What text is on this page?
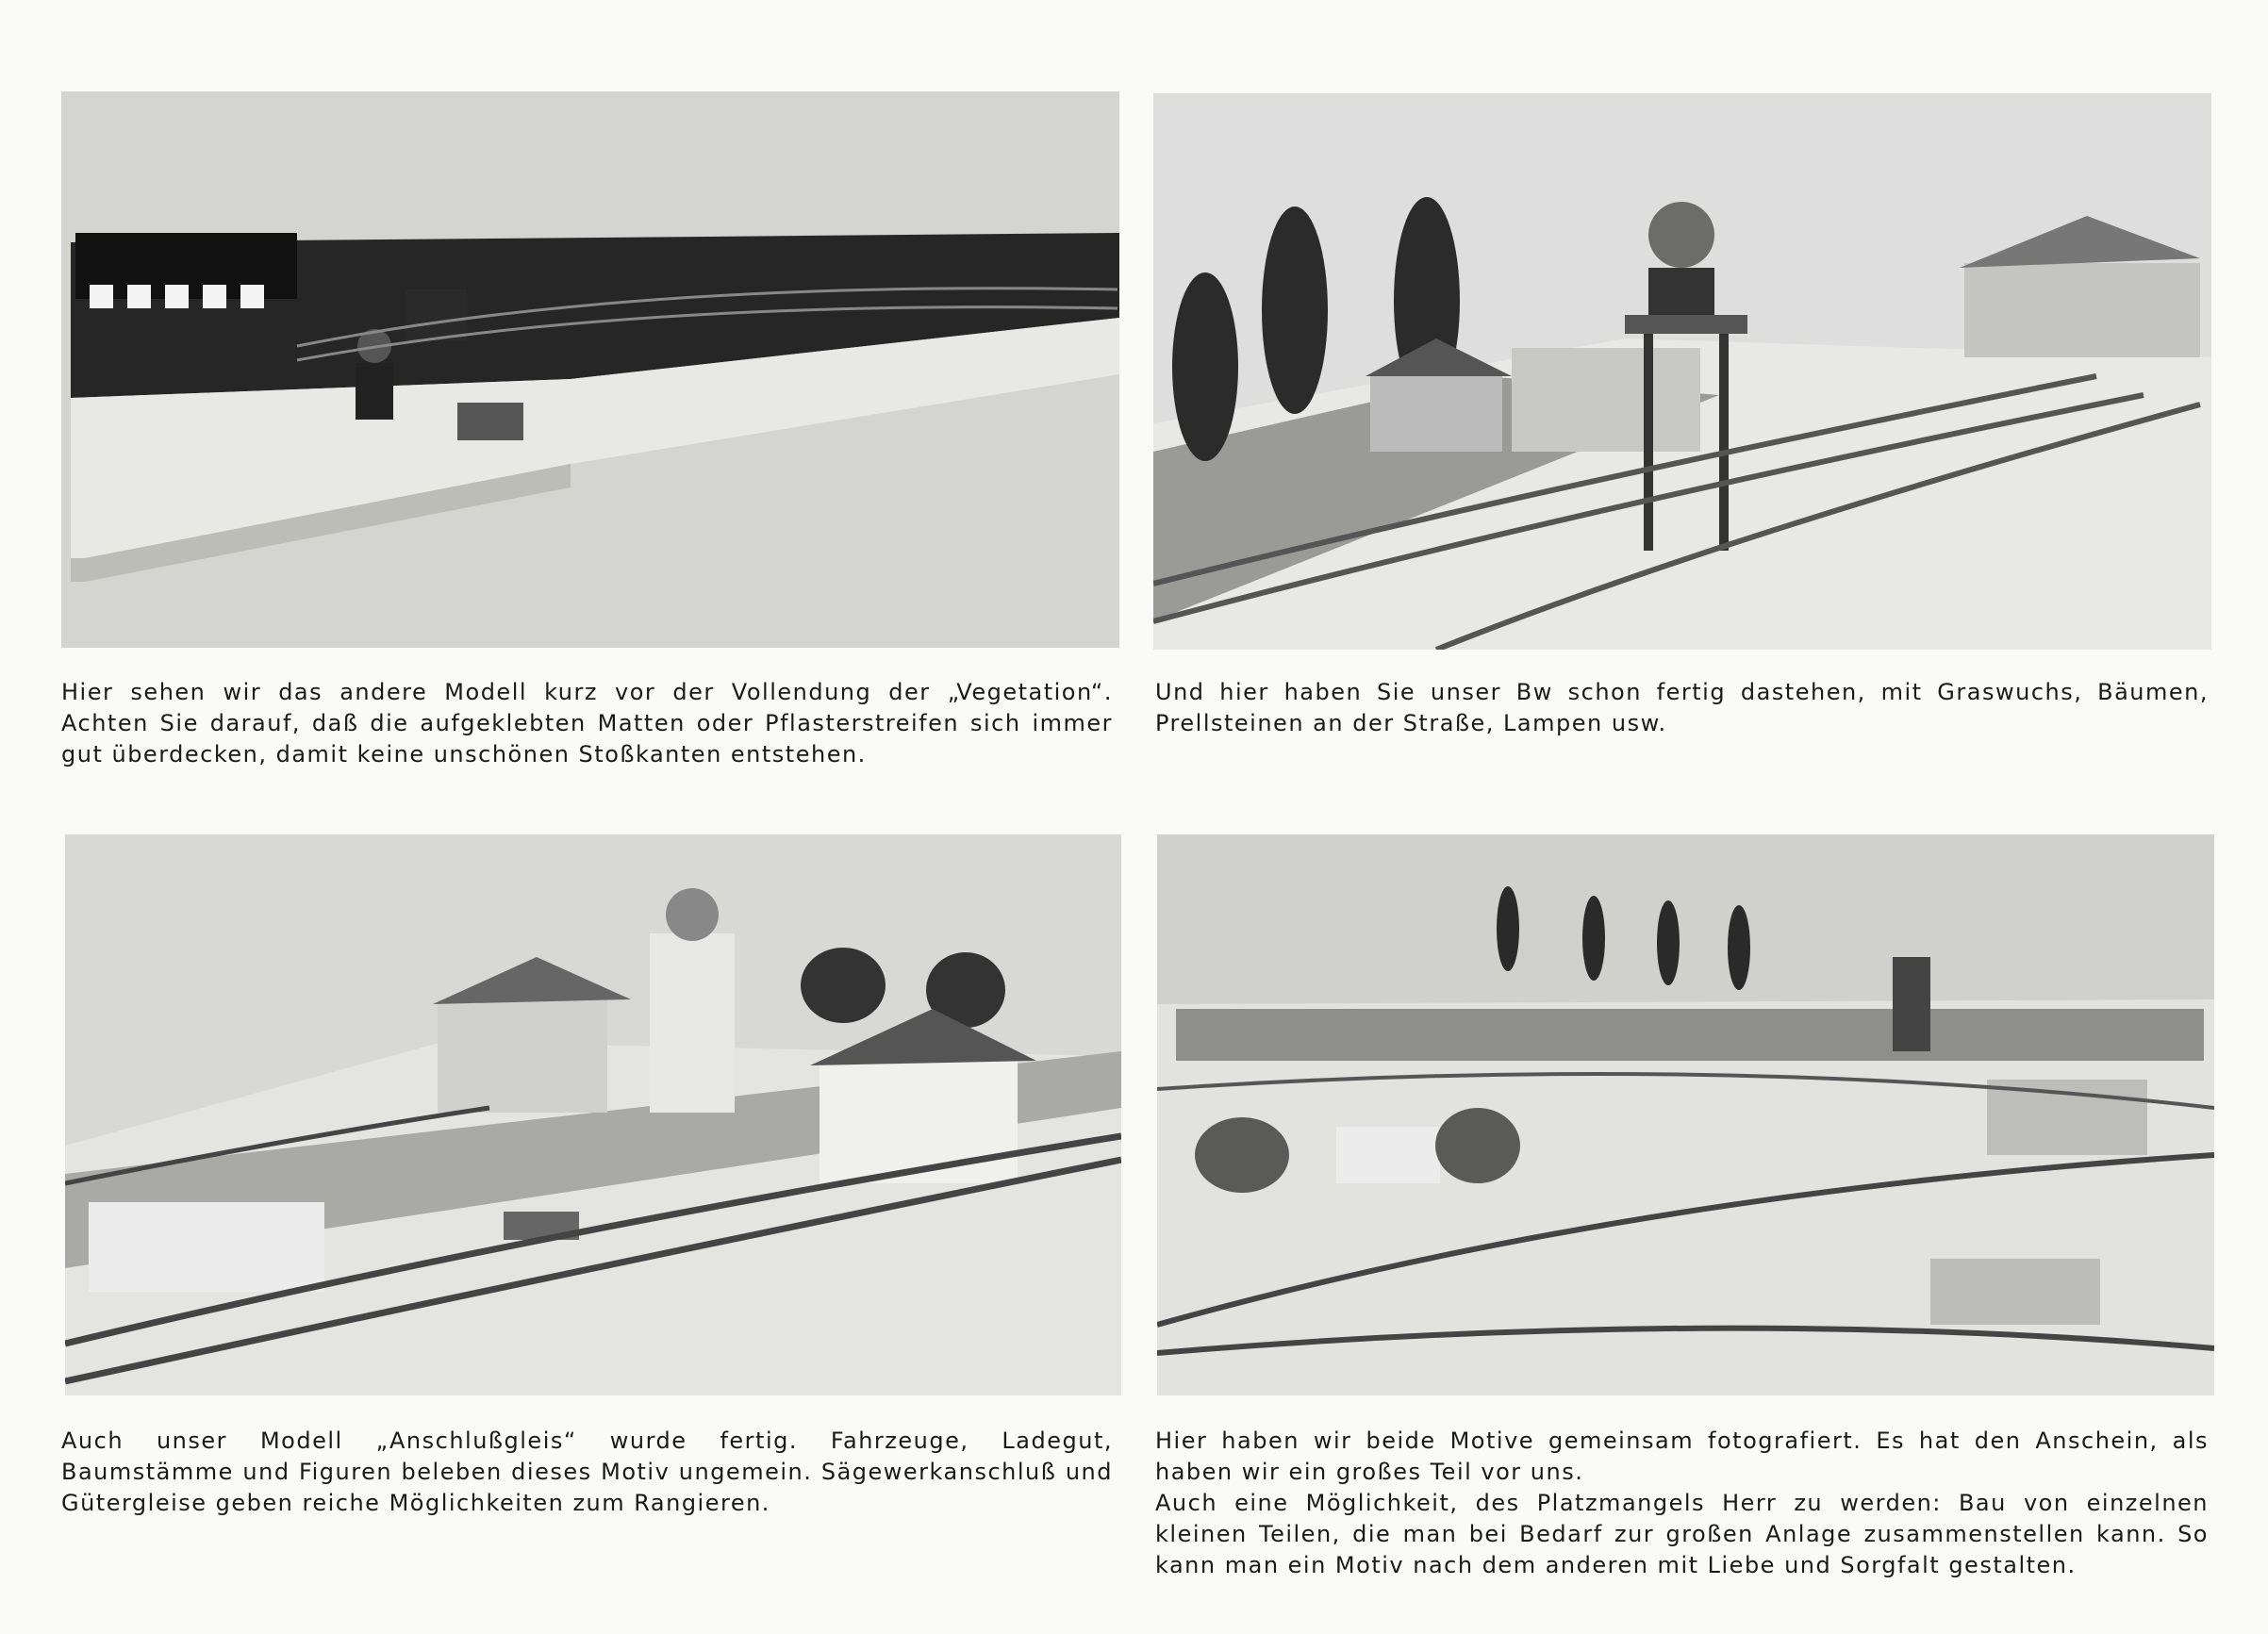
Hier sehen wir das andere Modell kurz vor der Vollendung der „Vegetation“. Achten Sie darauf, daß die aufgeklebten Matten oder Pflasterstreifen sich immer gut überdecken, damit keine unschönen Stoßkanten entstehen.

Und hier haben Sie unser Bw schon fertig dastehen, mit Graswuchs, Bäumen, Prellsteinen an der Straße, Lampen usw.

Auch unser Modell „Anschlußgleis“ wurde fertig. Fahrzeuge, Ladegut, Baumstämme und Figuren beleben dieses Motiv ungemein. Sägewerkanschluß und Gütergleise geben reiche Möglichkeiten zum Rangieren.

Hier haben wir beide Motive gemeinsam fotografiert. Es hat den Anschein, als haben wir ein großes Teil vor uns.

Auch eine Möglichkeit, des Platzmangels Herr zu werden: Bau von einzelnen kleinen Teilen, die man bei Bedarf zur großen Anlage zusammenstellen kann. So kann man ein Motiv nach dem anderen mit Liebe und Sorgfalt gestalten.
